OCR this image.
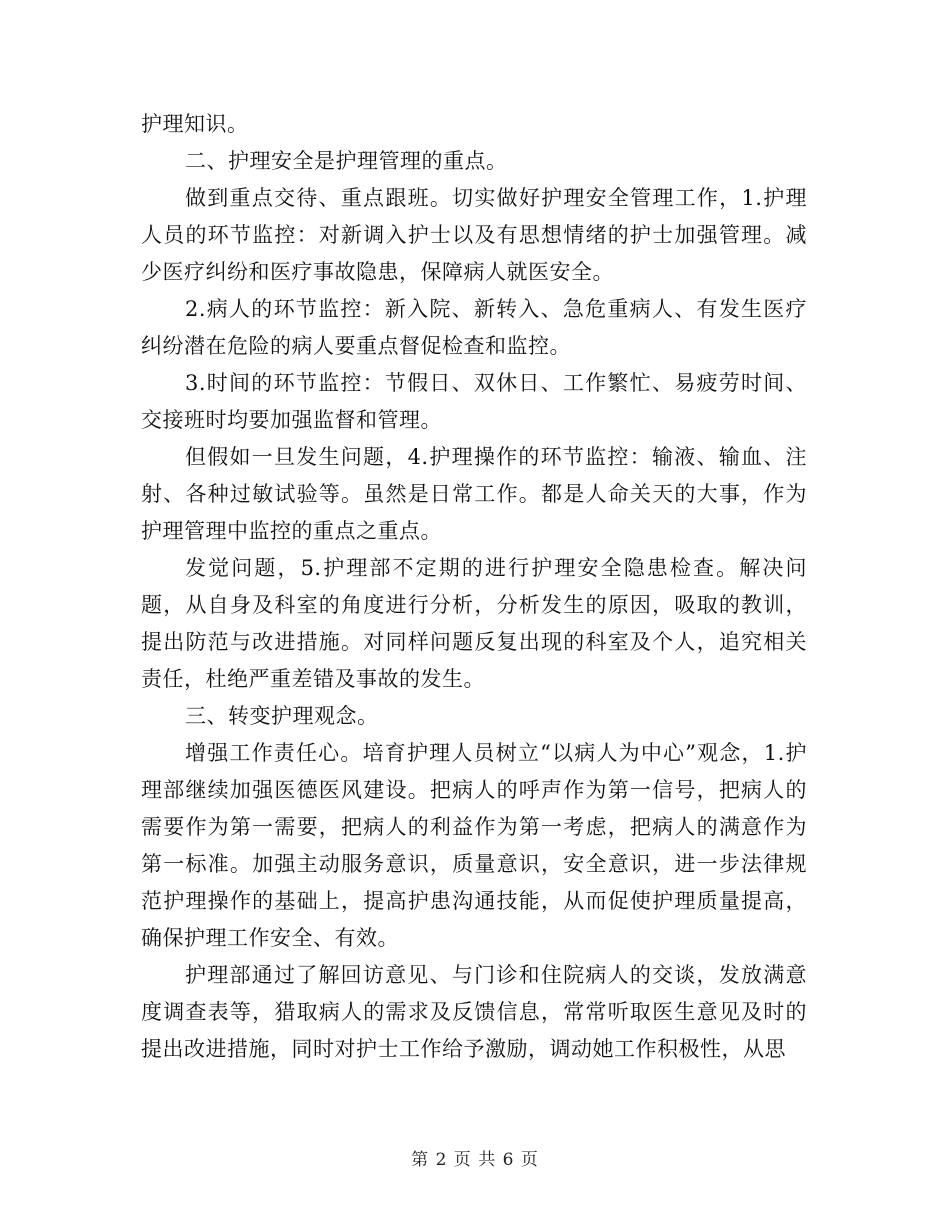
护理知识。

二、护理安全是护理管理的重点。

做到重点交待、重点跟班。切实做好护理安全管理工作，1.护理人员的环节监控：对新调入护士以及有思想情绪的护士加强管理。减少医疗纠纷和医疗事故隐患，保障病人就医安全。

2.病人的环节监控：新入院、新转入、急危重病人、有发生医疗纠纷潜在危险的病人要重点督促检查和监控。

3.时间的环节监控：节假日、双休日、工作繁忙、易疲劳时间、交接班时均要加强监督和管理。

但假如一旦发生问题，4.护理操作的环节监控：输液、输血、注射、各种过敏试验等。虽然是日常工作。都是人命关天的大事，作为护理管理中监控的重点之重点。

发觉问题，5.护理部不定期的进行护理安全隐患检查。解决问题，从自身及科室的角度进行分析，分析发生的原因，吸取的教训，提出防范与改进措施。对同样问题反复出现的科室及个人，追究相关责任，杜绝严重差错及事故的发生。

三、转变护理观念。

增强工作责任心。培育护理人员树立“以病人为中心”观念，1.护理部继续加强医德医风建设。把病人的呼声作为第一信号，把病人的需要作为第一需要，把病人的利益作为第一考虑，把病人的满意作为第一标准。加强主动服务意识，质量意识，安全意识，进一步法律规范护理操作的基础上，提高护患沟通技能，从而促使护理质量提高，确保护理工作安全、有效。

护理部通过了解回访意见、与门诊和住院病人的交谈，发放满意度调查表等，猎取病人的需求及反馈信息，常常听取医生意见及时的提出改进措施，同时对护士工作给予激励，调动她工作积极性，从思

第 2 页 共 6 页
